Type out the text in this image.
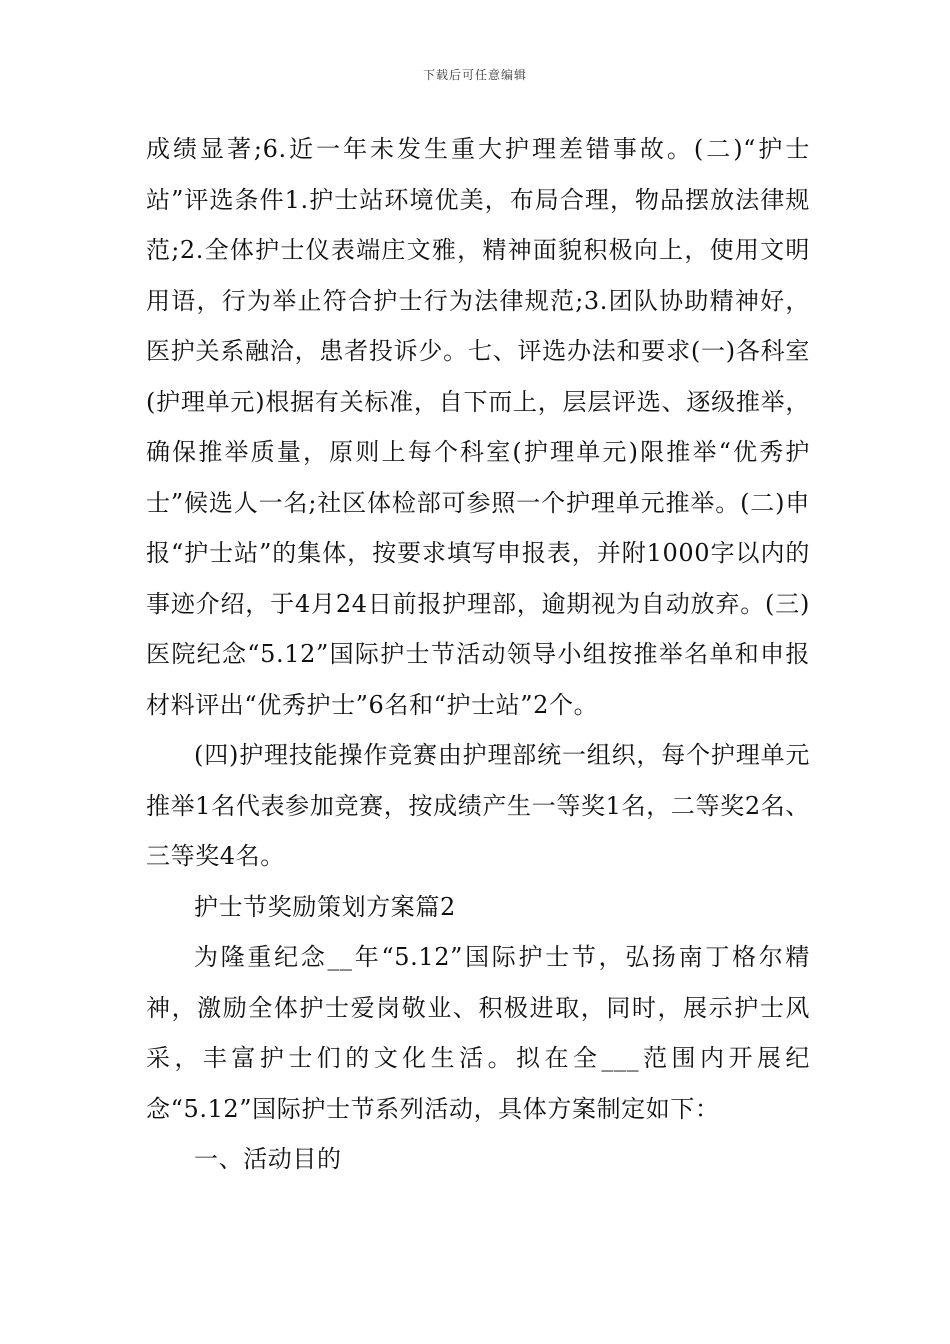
下载后可任意编辑

成绩显著;6.近一年未发生重大护理差错事故。(二)“护士站”评选条件1.护士站环境优美，布局合理，物品摆放法律规范;2.全体护士仪表端庄文雅，精神面貌积极向上，使用文明用语，行为举止符合护士行为法律规范;3.团队协助精神好，医护关系融洽，患者投诉少。七、评选办法和要求(一)各科室(护理单元)根据有关标准，自下而上，层层评选、逐级推举，确保推举质量，原则上每个科室(护理单元)限推举“优秀护士”候选人一名;社区体检部可参照一个护理单元推举。(二)申报“护士站”的集体，按要求填写申报表，并附1000字以内的事迹介绍，于4月24日前报护理部，逾期视为自动放弃。(三)医院纪念“5.12”国际护士节活动领导小组按推举名单和申报材料评出“优秀护士”6名和“护士站”2个。

(四)护理技能操作竞赛由护理部统一组织，每个护理单元推举1名代表参加竞赛，按成绩产生一等奖1名，二等奖2名、三等奖4名。

护士节奖励策划方案篇2

为隆重纪念__年“5.12”国际护士节，弘扬南丁格尔精神，激励全体护士爱岗敬业、积极进取，同时，展示护士风采，丰富护士们的文化生活。拟在全___范围内开展纪念“5.12”国际护士节系列活动，具体方案制定如下：

一、活动目的
